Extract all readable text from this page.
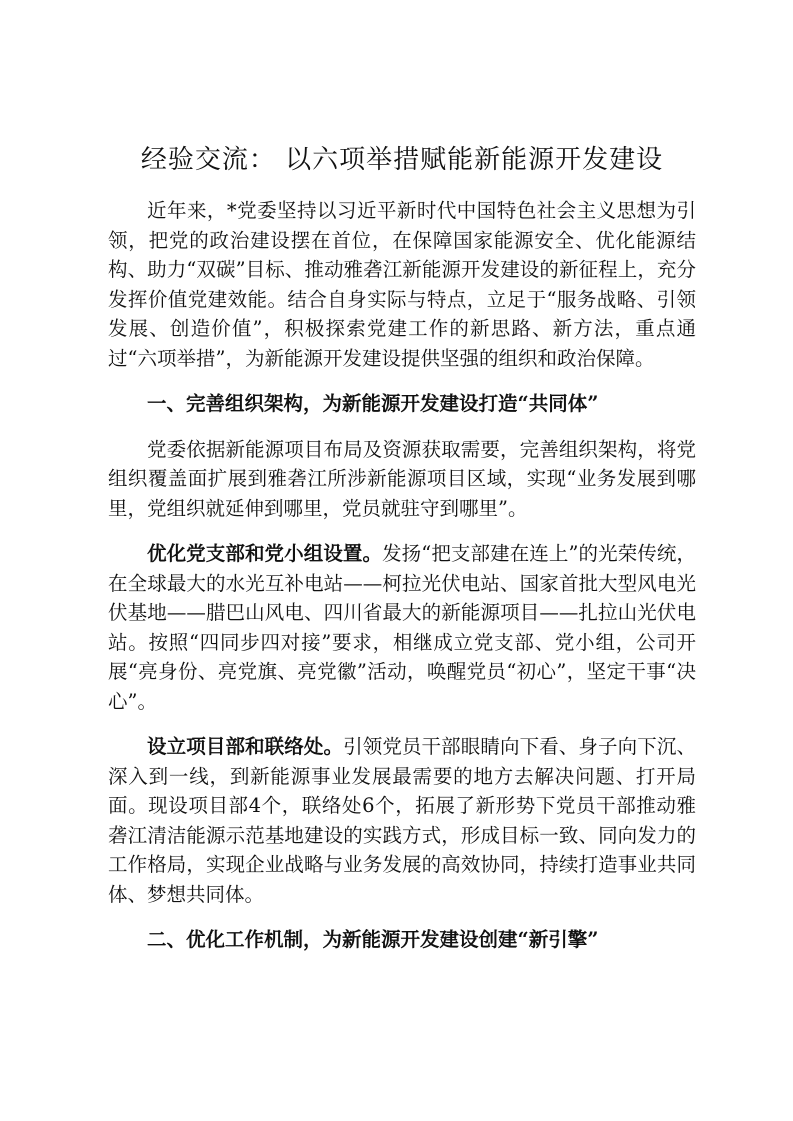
经验交流： 以六项举措赋能新能源开发建设

近年来，*党委坚持以习近平新时代中国特色社会主义思想为引领，把党的政治建设摆在首位，在保障国家能源安全、优化能源结构、助力“双碳”目标、推动雅砻江新能源开发建设的新征程上，充分发挥价值党建效能。结合自身实际与特点，立足于“服务战略、引领发展、创造价值”，积极探索党建工作的新思路、新方法，重点通过“六项举措”，为新能源开发建设提供坚强的组织和政治保障。

一、完善组织架构，为新能源开发建设打造“共同体”

党委依据新能源项目布局及资源获取需要，完善组织架构，将党组织覆盖面扩展到雅砻江所涉新能源项目区域，实现“业务发展到哪里，党组织就延伸到哪里，党员就驻守到哪里”。

优化党支部和党小组设置。发扬“把支部建在连上”的光荣传统，在全球最大的水光互补电站——柯拉光伏电站、国家首批大型风电光伏基地——腊巴山风电、四川省最大的新能源项目——扎拉山光伏电站。按照“四同步四对接”要求，相继成立党支部、党小组，公司开展“亮身份、亮党旗、亮党徽”活动，唤醒党员“初心”，坚定干事“决心”。

设立项目部和联络处。引领党员干部眼睛向下看、身子向下沉、深入到一线，到新能源事业发展最需要的地方去解决问题、打开局面。现设项目部4个，联络处6个，拓展了新形势下党员干部推动雅砻江清洁能源示范基地建设的实践方式，形成目标一致、同向发力的工作格局，实现企业战略与业务发展的高效协同，持续打造事业共同体、梦想共同体。

二、优化工作机制，为新能源开发建设创建“新引擎”
